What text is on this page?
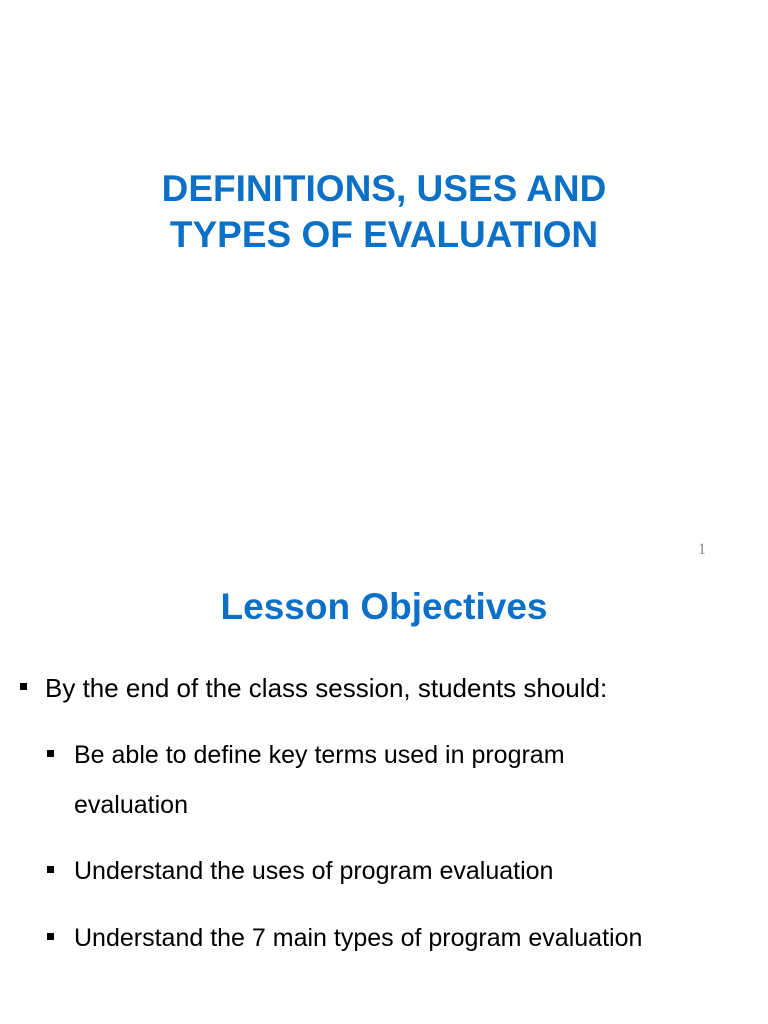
DEFINITIONS, USES AND
TYPES OF EVALUATION
1
Lesson Objectives
By the end of the class session, students should:
Be able to define key terms used in program
evaluation
Understand the uses of program evaluation
Understand the 7 main types of program evaluation
